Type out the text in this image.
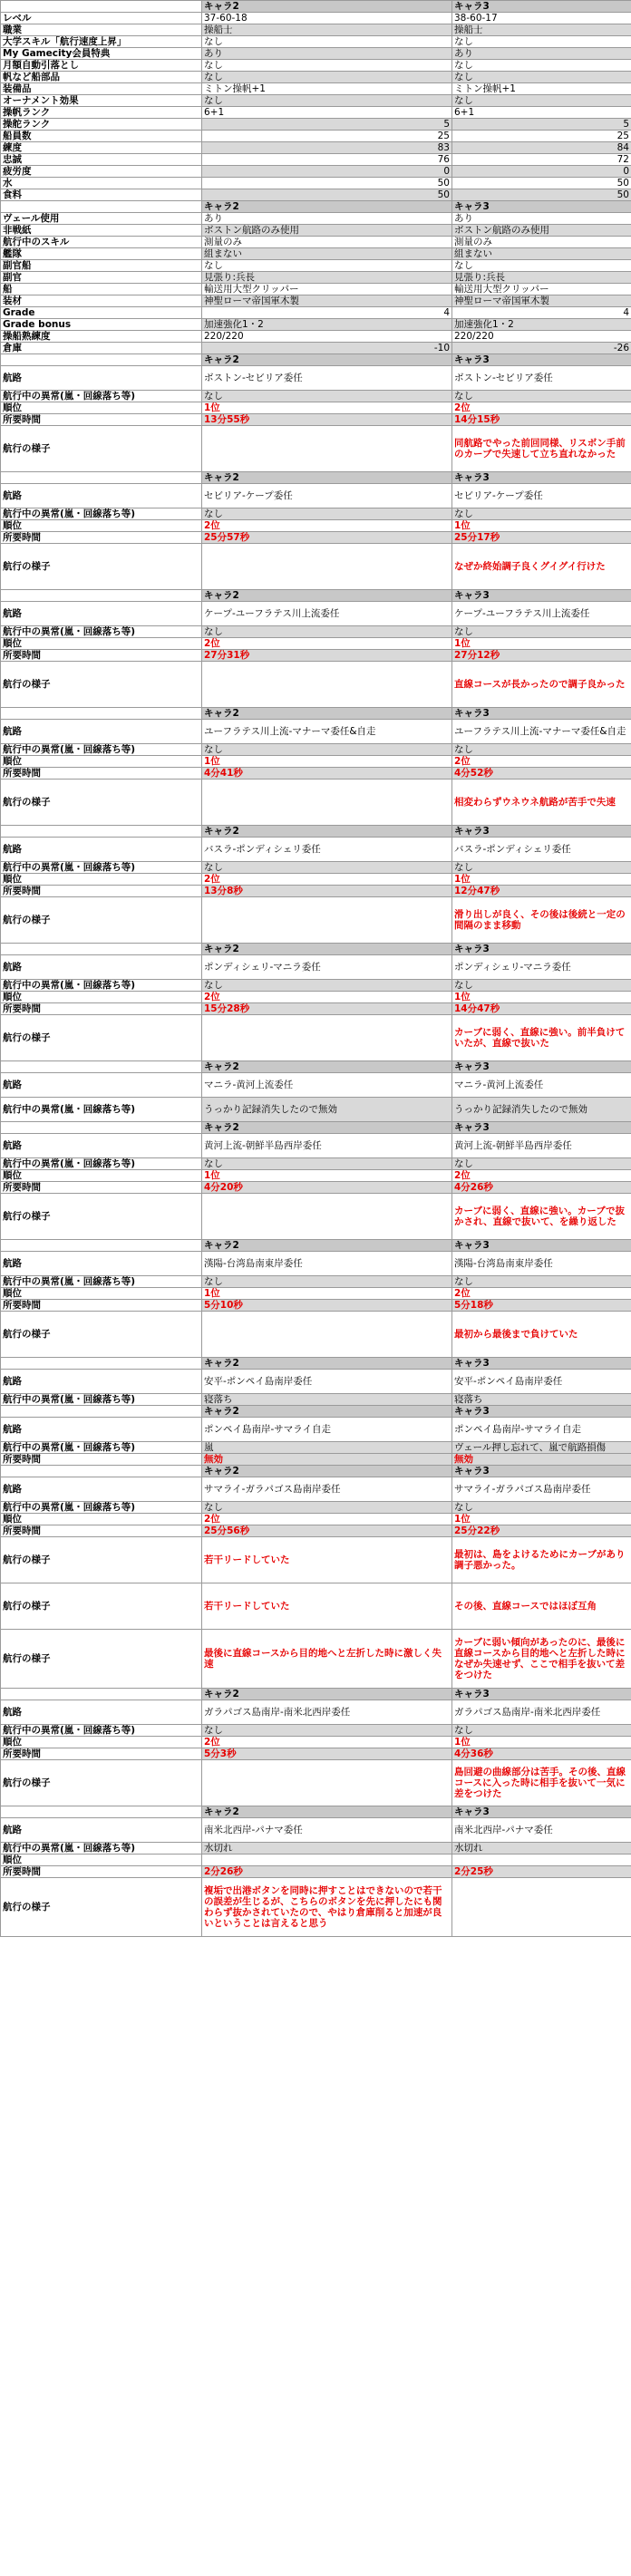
	キャラ2	キャラ3
レベル	37-60-18	38-60-17
職業	操船士	操船士
大学スキル「航行速度上昇」	なし	なし
My Gamecity会員特典	あり	あり
月額自動引落とし	なし	なし
帆など船部品	なし	なし
装備品	ミトン操帆+1	ミトン操帆+1
オーナメント効果	なし	なし
操帆ランク	6+1	6+1
操舵ランク	5	5
船員数	25	25
練度	83	84
忠誠	76	72
疲労度	0	0
水	50	50
食料	50	50
	キャラ2	キャラ3
ヴェール使用	あり	あり
非戦紙	ボストン航路のみ使用	ボストン航路のみ使用
航行中のスキル	測量のみ	測量のみ
艦隊	組まない	組まない
副官船	なし	なし
副官	見張り:兵長	見張り:兵長
船	輸送用大型クリッパー	輸送用大型クリッパー
装材	神聖ローマ帝国軍木製	神聖ローマ帝国軍木製
Grade	4	4
Grade bonus	加速強化1・2	加速強化1・2
操船熟練度	220/220	220/220
倉庫	-10	-26
	キャラ2	キャラ3
航路	ボストン-セビリア委任	ボストン-セビリア委任
航行中の異常(嵐・回線落ち等)	なし	なし
順位	1位	2位
所要時間	13分55秒	14分15秒
航行の様子		同航路でやった前回同様、リスボン手前のカーブで失速して立ち直れなかった
	キャラ2	キャラ3
航路	セビリア-ケープ委任	セビリア-ケープ委任
航行中の異常(嵐・回線落ち等)	なし	なし
順位	2位	1位
所要時間	25分57秒	25分17秒
航行の様子		なぜか終始調子良くグイグイ行けた
	キャラ2	キャラ3
航路	ケープ-ユーフラテス川上流委任	ケープ-ユーフラテス川上流委任
航行中の異常(嵐・回線落ち等)	なし	なし
順位	2位	1位
所要時間	27分31秒	27分12秒
航行の様子		直線コースが長かったので調子良かった
	キャラ2	キャラ3
航路	ユーフラテス川上流-マナーマ委任&自走	ユーフラテス川上流-マナーマ委任&自走
航行中の異常(嵐・回線落ち等)	なし	なし
順位	1位	2位
所要時間	4分41秒	4分52秒
航行の様子		相変わらずウネウネ航路が苦手で失速
	キャラ2	キャラ3
航路	バスラ-ポンディシェリ委任	バスラ-ポンディシェリ委任
航行中の異常(嵐・回線落ち等)	なし	なし
順位	2位	1位
所要時間	13分8秒	12分47秒
航行の様子		滑り出しが良く、その後は後続と一定の間隔のまま移動
	キャラ2	キャラ3
航路	ポンディシェリ-マニラ委任	ポンディシェリ-マニラ委任
航行中の異常(嵐・回線落ち等)	なし	なし
順位	2位	1位
所要時間	15分28秒	14分47秒
航行の様子		カーブに弱く、直線に強い。前半負けていたが、直線で抜いた
	キャラ2	キャラ3
航路	マニラ-黄河上流委任	マニラ-黄河上流委任
航行中の異常(嵐・回線落ち等)	うっかり記録消失したので無効	うっかり記録消失したので無効
	キャラ2	キャラ3
航路	黄河上流-朝鮮半島西岸委任	黄河上流-朝鮮半島西岸委任
航行中の異常(嵐・回線落ち等)	なし	なし
順位	1位	2位
所要時間	4分20秒	4分26秒
航行の様子		カーブに弱く、直線に強い。カーブで抜かされ、直線で抜いて、を繰り返した
	キャラ2	キャラ3
航路	漢陽-台湾島南東岸委任	漢陽-台湾島南東岸委任
航行中の異常(嵐・回線落ち等)	なし	なし
順位	1位	2位
所要時間	5分10秒	5分18秒
航行の様子		最初から最後まで負けていた
	キャラ2	キャラ3
航路	安平-ポンペイ島南岸委任	安平-ポンペイ島南岸委任
航行中の異常(嵐・回線落ち等)	寝落ち	寝落ち
	キャラ2	キャラ3
航路	ポンペイ島南岸-サマライ自走	ポンペイ島南岸-サマライ自走
航行中の異常(嵐・回線落ち等)	嵐	ヴェール押し忘れて、嵐で航路損傷
所要時間	無効	無効
	キャラ2	キャラ3
航路	サマライ-ガラパゴス島南岸委任	サマライ-ガラパゴス島南岸委任
航行中の異常(嵐・回線落ち等)	なし	なし
順位	2位	1位
所要時間	25分56秒	25分22秒
航行の様子	若干リードしていた	最初は、島をよけるためにカーブがあり調子悪かった。
航行の様子	若干リードしていた	その後、直線コースではほぼ互角
航行の様子	最後に直線コースから目的地へと左折した時に激しく失速	カーブに弱い傾向があったのに、最後に直線コースから目的地へと左折した時になぜか失速せず、ここで相手を抜いて差をつけた
	キャラ2	キャラ3
航路	ガラパゴス島南岸-南米北西岸委任	ガラパゴス島南岸-南米北西岸委任
航行中の異常(嵐・回線落ち等)	なし	なし
順位	2位	1位
所要時間	5分3秒	4分36秒
航行の様子		島回避の曲線部分は苦手。その後、直線コースに入った時に相手を抜いて一気に差をつけた
	キャラ2	キャラ3
航路	南米北西岸-パナマ委任	南米北西岸-パナマ委任
航行中の異常(嵐・回線落ち等)	水切れ	水切れ
順位		
所要時間	2分26秒	2分25秒
航行の様子	複垢で出港ボタンを同時に押すことはできないので若干の誤差が生じるが、こちらのボタンを先に押したにも関わらず抜かされていたので、やはり倉庫削ると加速が良いということは言えると思う	
